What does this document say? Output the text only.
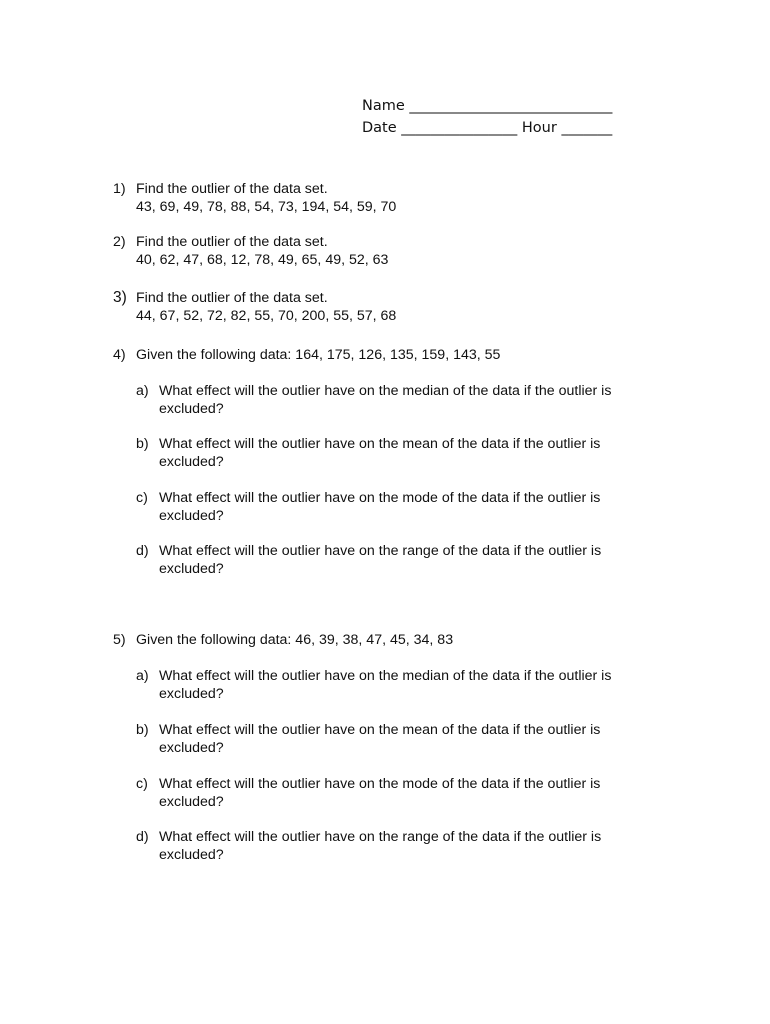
Name ____________________________
Date ________________ Hour _______
1) Find the outlier of the data set.
43, 69, 49, 78, 88, 54, 73, 194, 54, 59, 70
2) Find the outlier of the data set.
40, 62, 47, 68, 12, 78, 49, 65, 49, 52, 63
3) Find the outlier of the data set.
44, 67, 52, 72, 82, 55, 70, 200, 55, 57, 68
4) Given the following data: 164, 175, 126, 135, 159, 143, 55
a) What effect will the outlier have on the median of the data if the outlier is excluded?
b) What effect will the outlier have on the mean of the data if the outlier is excluded?
c) What effect will the outlier have on the mode of the data if the outlier is excluded?
d) What effect will the outlier have on the range of the data if the outlier is excluded?
5) Given the following data: 46, 39, 38, 47, 45, 34, 83
a) What effect will the outlier have on the median of the data if the outlier is excluded?
b) What effect will the outlier have on the mean of the data if the outlier is excluded?
c) What effect will the outlier have on the mode of the data if the outlier is excluded?
d) What effect will the outlier have on the range of the data if the outlier is excluded?
